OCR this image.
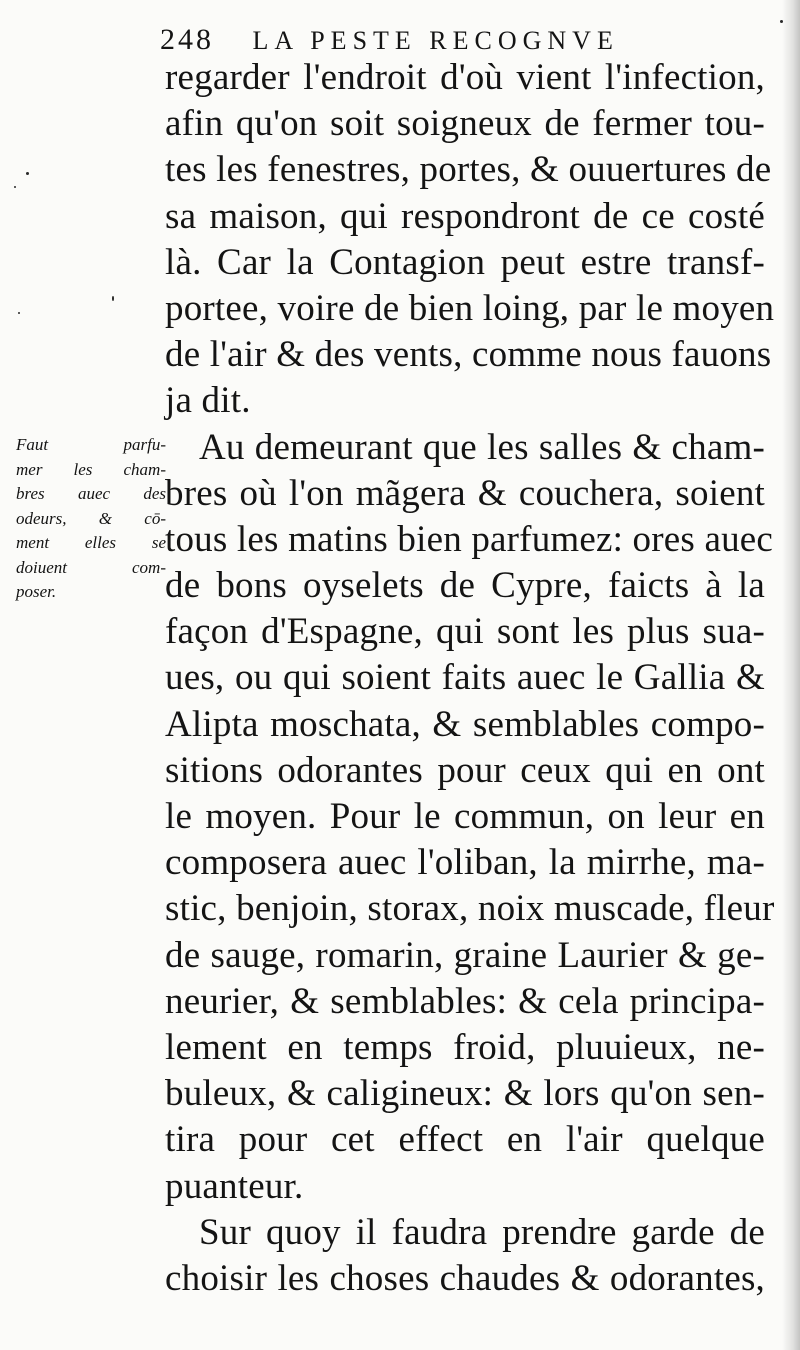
248 LA PESTE RECOGNVE
Faut parfu-
mer les cham-
bres auec des
odeurs, & cō-
ment elles se
doiuent com-
poser.
regarder l'endroit d'où vient l'infection,
afin qu'on soit soigneux de fermer tou-
tes les fenestres, portes, & ouuertures de
sa maison, qui respondront de ce costé
là. Car la Contagion peut estre transf-
portee, voire de bien loing, par le moyen
de l'air & des vents, comme nous fauons
ja dit.
Au demeurant que les salles & cham-
bres où l'on mãgera & couchera, soient
tous les matins bien parfumez: ores auec
de bons oyselets de Cypre, faicts à la
façon d'Espagne, qui sont les plus sua-
ues, ou qui soient faits auec le Gallia &
Alipta moschata, & semblables compo-
sitions odorantes pour ceux qui en ont
le moyen. Pour le commun, on leur en
composera auec l'oliban, la mirrhe, ma-
stic, benjoin, storax, noix muscade, fleur
de sauge, romarin, graine Laurier & ge-
neurier, & semblables: & cela principa-
lement en temps froid, pluuieux, ne-
buleux, & caligineux: & lors qu'on sen-
tira pour cet effect en l'air quelque
puanteur.
Sur quoy il faudra prendre garde de
choisir les choses chaudes & odorantes,
